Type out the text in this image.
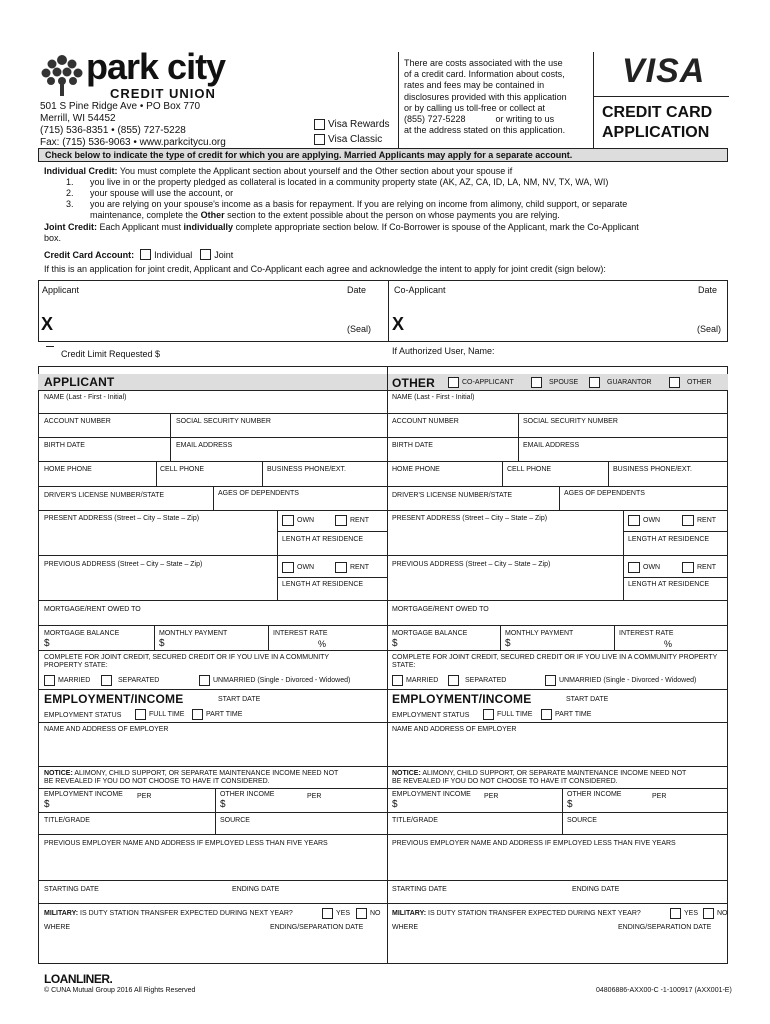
park city
CREDIT UNION
501 S Pine Ridge Ave • PO Box 770
Merrill, WI 54452
(715) 536-8351 • (855) 727-5228
Fax: (715) 536-9063 • www.parkcitycu.org
Visa Rewards
Visa Classic
There are costs associated with the use
of a credit card. Information about costs,
rates and fees may be contained in
disclosures provided with this application
or by calling us toll-free or collect at
(855) 727-5228            or writing to us
at the address stated on this application.
VISA
CREDIT CARD
APPLICATION
Check below to indicate the type of credit for which you are applying. Married Applicants may apply for a separate account.
Individual Credit: You must complete the Applicant section about yourself and the Other section about your spouse if
1. you live in or the property pledged as collateral is located in a community property state (AK, AZ, CA, ID, LA, NM, NV, TX, WA, WI)
2. your spouse will use the account, or
3. you are relying on your spouse's income as a basis for repayment. If you are relying on income from alimony, child support, or separate
maintenance, complete the Other section to the extent possible about the person on whose payments you are relying.
Joint Credit: Each Applicant must individually complete appropriate section below. If Co-Borrower is spouse of the Applicant, mark the Co-Applicant
box.
Credit Card Account: Individual Joint
If this is an application for joint credit, Applicant and Co-Applicant each agree and acknowledge the intent to apply for joint credit (sign below):
Applicant	Date	Co-Applicant	Date
X	(Seal) X	(Seal)
Credit Limit Requested $	If Authorized User, Name:
APPLICANT	OTHER	CO-APPLICANT	SPOUSE	GUARANTOR	OTHER
NAME (Last - First - Initial)
ACCOUNT NUMBER	SOCIAL SECURITY NUMBER
BIRTH DATE	EMAIL ADDRESS
HOME PHONE	CELL PHONE	BUSINESS PHONE/EXT.
DRIVER'S LICENSE NUMBER/STATE	AGES OF DEPENDENTS
PRESENT ADDRESS (Street – City – State – Zip)	OWN	RENT
LENGTH AT RESIDENCE
PREVIOUS ADDRESS (Street – City – State – Zip)	OWN	RENT
LENGTH AT RESIDENCE
MORTGAGE/RENT OWED TO
MORTGAGE BALANCE
$
MONTHLY PAYMENT
$
INTEREST RATE
%
COMPLETE FOR JOINT CREDIT, SECURED CREDIT OR IF YOU LIVE IN A COMMUNITY PROPERTY STATE:
MARRIED	SEPARATED	UNMARRIED (Single - Divorced - Widowed)
NAME (Last - First - Initial)
ACCOUNT NUMBER	SOCIAL SECURITY NUMBER
BIRTH DATE	EMAIL ADDRESS
HOME PHONE	CELL PHONE	BUSINESS PHONE/EXT.
DRIVER'S LICENSE NUMBER/STATE	AGES OF DEPENDENTS
PRESENT ADDRESS (Street – City – State – Zip)	OWN	RENT
LENGTH AT RESIDENCE
PREVIOUS ADDRESS (Street – City – State – Zip)	OWN	RENT
LENGTH AT RESIDENCE
MORTGAGE/RENT OWED TO
MORTGAGE BALANCE
$
MONTHLY PAYMENT
$
INTEREST RATE
%
COMPLETE FOR JOINT CREDIT, SECURED CREDIT OR IF YOU LIVE IN A COMMUNITY PROPERTY STATE:
MARRIED	SEPARATED	UNMARRIED (Single - Divorced - Widowed)
EMPLOYMENT/INCOME	START DATE
EMPLOYMENT STATUS	FULL TIME	PART TIME
NAME AND ADDRESS OF EMPLOYER
NOTICE: ALIMONY, CHILD SUPPORT, OR SEPARATE MAINTENANCE INCOME NEED NOT
BE REVEALED IF YOU DO NOT CHOOSE TO HAVE IT CONSIDERED.
EMPLOYMENT INCOME PER
$
OTHER INCOME	PER
$
TITLE/GRADE	SOURCE
PREVIOUS EMPLOYER NAME AND ADDRESS IF EMPLOYED LESS THAN FIVE YEARS
STARTING DATE	ENDING DATE
MILITARY: IS DUTY STATION TRANSFER EXPECTED DURING NEXT YEAR?	YES	NO
WHERE	ENDING/SEPARATION DATE
EMPLOYMENT/INCOME	START DATE
EMPLOYMENT STATUS	FULL TIME	PART TIME
NAME AND ADDRESS OF EMPLOYER
NOTICE: ALIMONY, CHILD SUPPORT, OR SEPARATE MAINTENANCE INCOME NEED NOT
BE REVEALED IF YOU DO NOT CHOOSE TO HAVE IT CONSIDERED.
EMPLOYMENT INCOME PER
$
OTHER INCOME	PER
$
TITLE/GRADE	SOURCE
PREVIOUS EMPLOYER NAME AND ADDRESS IF EMPLOYED LESS THAN FIVE YEARS
STARTING DATE	ENDING DATE
MILITARY: IS DUTY STATION TRANSFER EXPECTED DURING NEXT YEAR?	YES	NO
WHERE	ENDING/SEPARATION DATE
LOANLINER.
© CUNA Mutual Group 2016 All Rights Reserved	04806886-AXX00-C -1-100917 (AXX001-E)
